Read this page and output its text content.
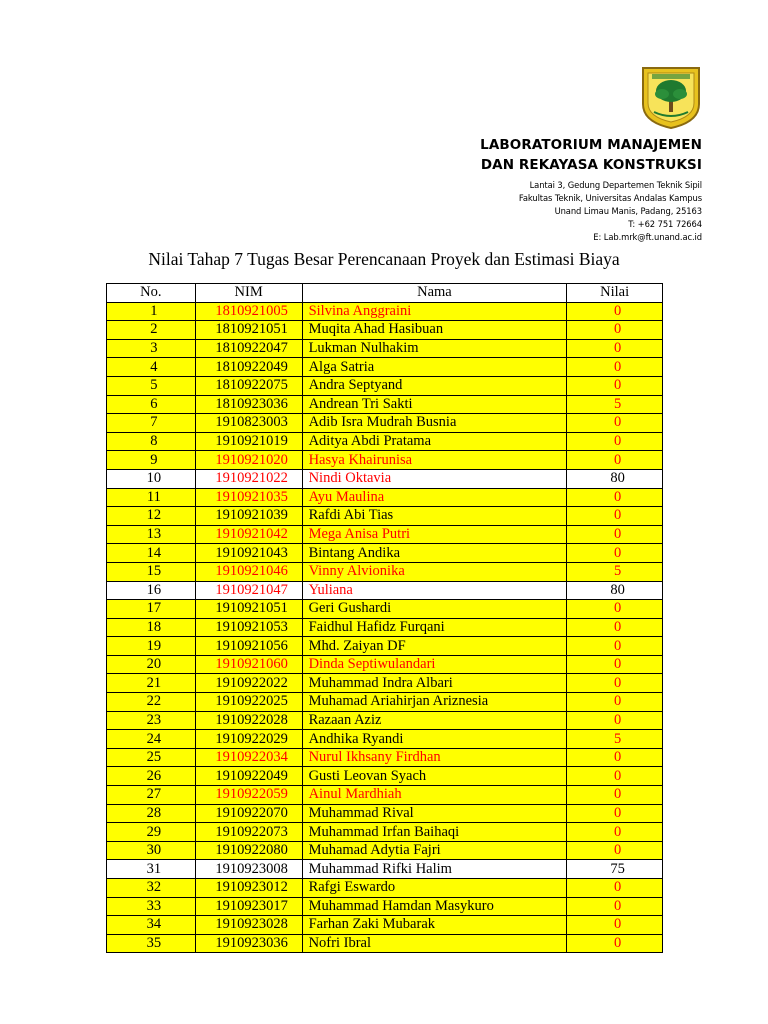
LABORATORIUM MANAJEMEN
DAN REKAYASA KONSTRUKSI
Lantai 3, Gedung Departemen Teknik Sipil
Fakultas Teknik, Universitas Andalas Kampus
Unand Limau Manis, Padang, 25163
T: +62 751 72664
E: Lab.mrk@ft.unand.ac.id
Nilai Tahap 7 Tugas Besar Perencanaan Proyek dan Estimasi Biaya
No.	NIM	Nama	Nilai
1	1810921005	Silvina Anggraini	0
2	1810921051	Muqita Ahad Hasibuan	0
3	1810922047	Lukman Nulhakim	0
4	1810922049	Alga Satria	0
5	1810922075	Andra Septyand	0
6	1810923036	Andrean Tri Sakti	5
7	1910823003	Adib Isra Mudrah Busnia	0
8	1910921019	Aditya Abdi Pratama	0
9	1910921020	Hasya Khairunisa	0
10	1910921022	Nindi Oktavia	80
11	1910921035	Ayu Maulina	0
12	1910921039	Rafdi Abi Tias	0
13	1910921042	Mega Anisa Putri	0
14	1910921043	Bintang Andika	0
15	1910921046	Vinny Alvionika	5
16	1910921047	Yuliana	80
17	1910921051	Geri Gushardi	0
18	1910921053	Faidhul Hafidz Furqani	0
19	1910921056	Mhd. Zaiyan DF	0
20	1910921060	Dinda Septiwulandari	0
21	1910922022	Muhammad Indra Albari	0
22	1910922025	Muhamad Ariahirjan Ariznesia	0
23	1910922028	Razaan Aziz	0
24	1910922029	Andhika Ryandi	5
25	1910922034	Nurul Ikhsany Firdhan	0
26	1910922049	Gusti Leovan Syach	0
27	1910922059	Ainul Mardhiah	0
28	1910922070	Muhammad Rival	0
29	1910922073	Muhammad Irfan Baihaqi	0
30	1910922080	Muhamad Adytia Fajri	0
31	1910923008	Muhammad Rifki Halim	75
32	1910923012	Rafgi Eswardo	0
33	1910923017	Muhammad Hamdan Masykuro	0
34	1910923028	Farhan Zaki Mubarak	0
35	1910923036	Nofri Ibral	0
